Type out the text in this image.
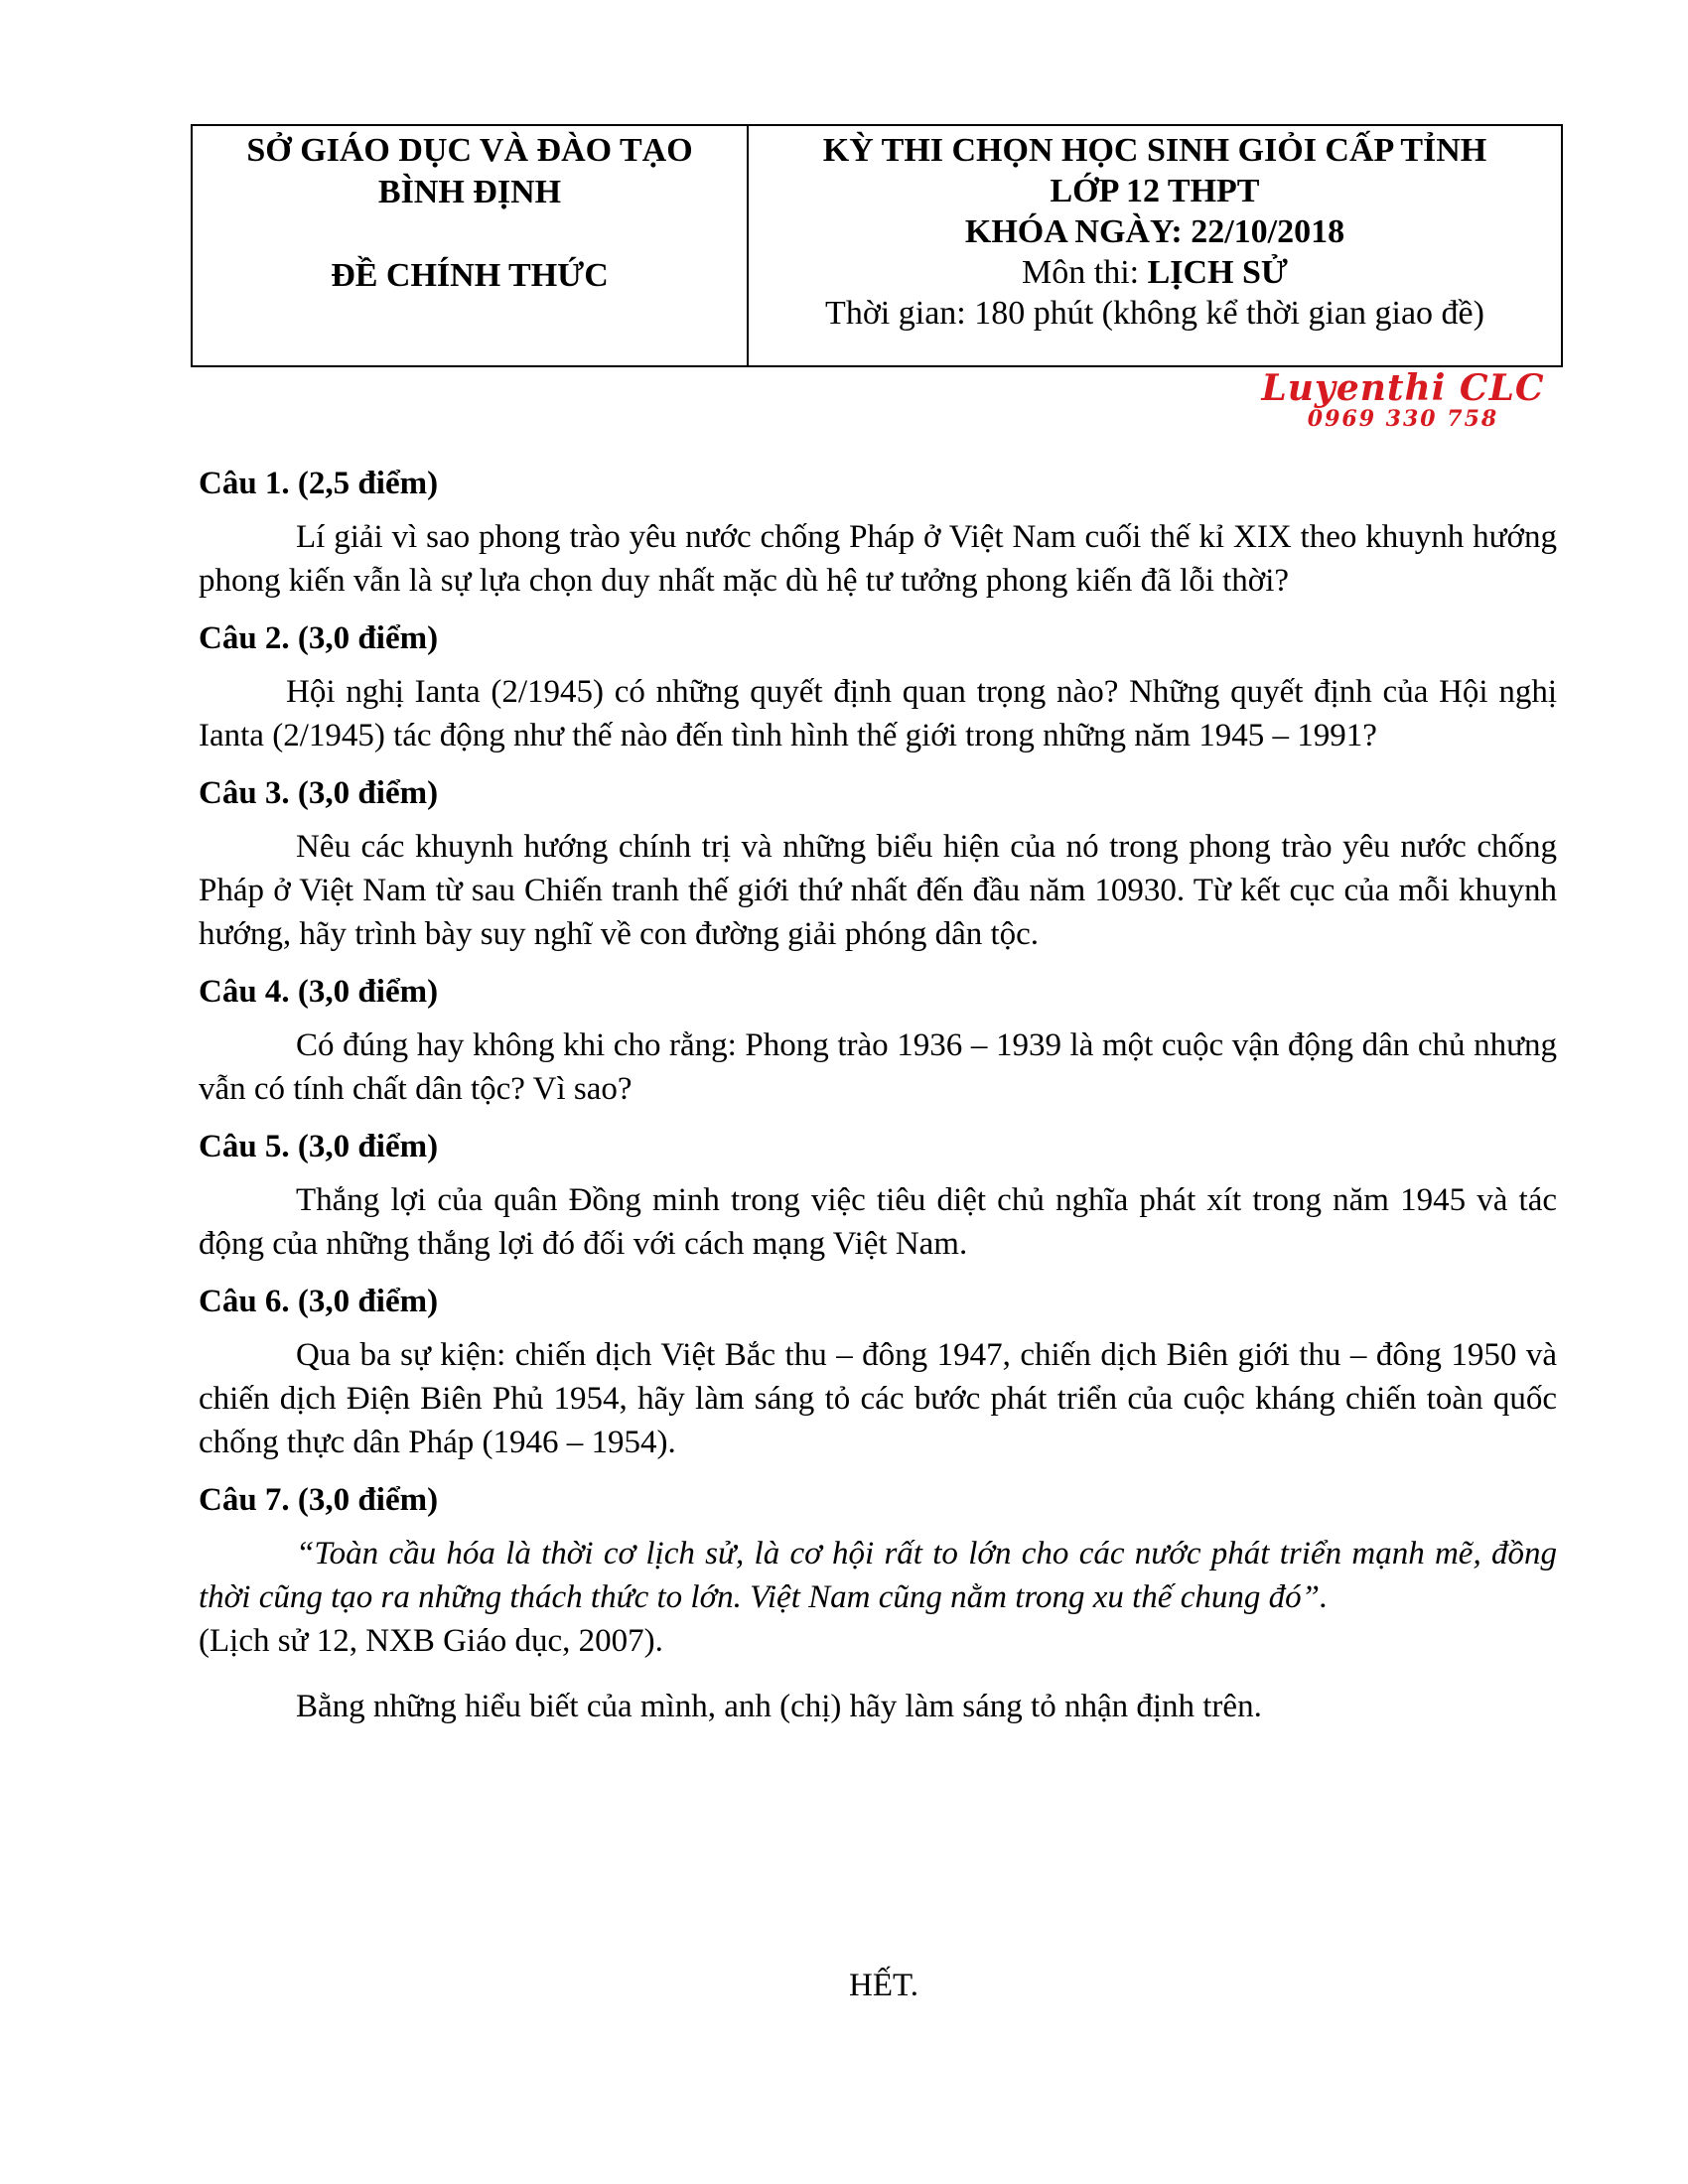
SỞ GIÁO DỤC VÀ ĐÀO TẠO
BÌNH ĐỊNH
ĐỀ CHÍNH THỨC
KỲ THI CHỌN HỌC SINH GIỎI CẤP TỈNH
LỚP 12 THPT
KHÓA NGÀY: 22/10/2018
Môn thi: LỊCH SỬ
Thời gian: 180 phút (không kể thời gian giao đề)
Luyenthi CLC
0969 330 758
Câu 1. (2,5 điểm)

Lí giải vì sao phong trào yêu nước chống Pháp ở Việt Nam cuối thế kỉ XIX theo khuynh hướng phong kiến vẫn là sự lựa chọn duy nhất mặc dù hệ tư tưởng phong kiến đã lỗi thời?

Câu 2. (3,0 điểm)

Hội nghị Ianta (2/1945) có những quyết định quan trọng nào? Những quyết định của Hội nghị Ianta (2/1945) tác động như thế nào đến tình hình thế giới trong những năm 1945 – 1991?

Câu 3. (3,0 điểm)

Nêu các khuynh hướng chính trị và những biểu hiện của nó trong phong trào yêu nước chống Pháp ở Việt Nam từ sau Chiến tranh thế giới thứ nhất đến đầu năm 10930. Từ kết cục của mỗi khuynh hướng, hãy trình bày suy nghĩ về con đường giải phóng dân tộc.

Câu 4. (3,0 điểm)

Có đúng hay không khi cho rằng: Phong trào 1936 – 1939 là một cuộc vận động dân chủ nhưng vẫn có tính chất dân tộc? Vì sao?

Câu 5. (3,0 điểm)

Thắng lợi của quân Đồng minh trong việc tiêu diệt chủ nghĩa phát xít trong năm 1945 và tác động của những thắng lợi đó đối với cách mạng Việt Nam.

Câu 6. (3,0 điểm)

Qua ba sự kiện: chiến dịch Việt Bắc thu – đông 1947, chiến dịch Biên giới thu – đông 1950 và chiến dịch Điện Biên Phủ 1954, hãy làm sáng tỏ các bước phát triển của cuộc kháng chiến toàn quốc chống thực dân Pháp (1946 – 1954).

Câu 7. (3,0 điểm)

“Toàn cầu hóa là thời cơ lịch sử, là cơ hội rất to lớn cho các nước phát triển mạnh mẽ, đồng thời cũng tạo ra những thách thức to lớn. Việt Nam cũng nằm trong xu thế chung đó”.

(Lịch sử 12, NXB Giáo dục, 2007).

Bằng những hiểu biết của mình, anh (chị) hãy làm sáng tỏ nhận định trên.

HẾT.
